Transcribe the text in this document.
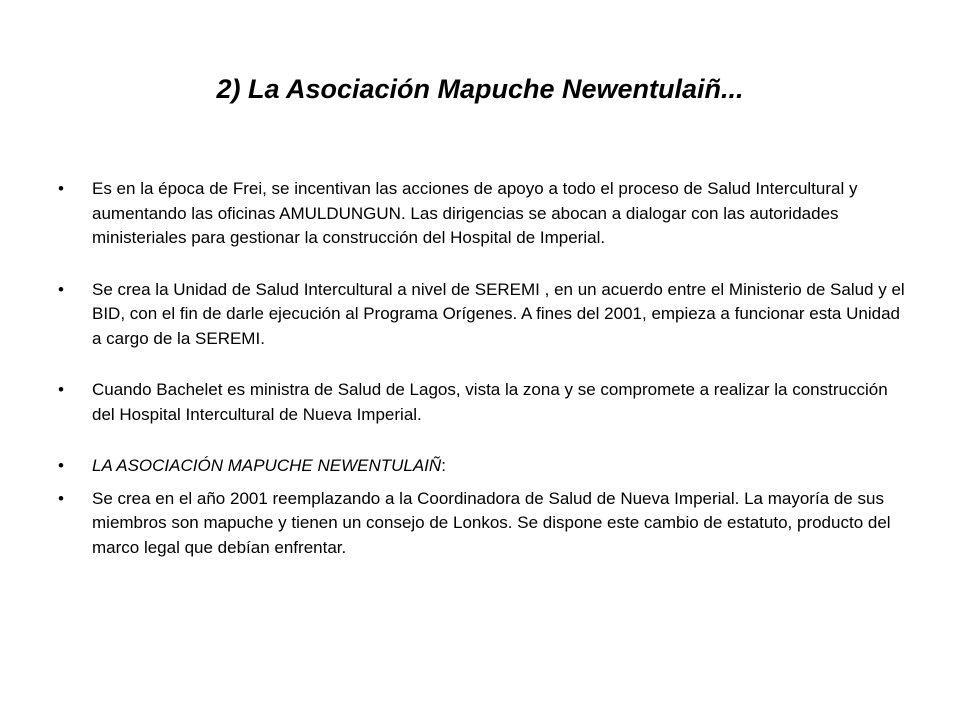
2) La Asociación Mapuche Newentulaiñ...
• Es en la época de Frei, se incentivan las acciones de apoyo a todo el proceso de Salud Intercultural y aumentando las oficinas AMULDUNGUN. Las dirigencias se abocan a dialogar con las autoridades ministeriales para gestionar la construcción del Hospital de Imperial.
• Se crea la Unidad de Salud Intercultural a nivel de SEREMI , en un acuerdo entre el Ministerio de Salud y el BID, con el fin de darle ejecución al Programa Orígenes. A fines del 2001, empieza a funcionar esta Unidad a cargo de la SEREMI.
• Cuando Bachelet es ministra de Salud de Lagos, vista la zona y se compromete a realizar la construcción del Hospital Intercultural de Nueva Imperial.
• LA ASOCIACIÓN MAPUCHE NEWENTULAIÑ:
• Se crea en el año 2001 reemplazando a la Coordinadora de Salud de Nueva Imperial. La mayoría de sus miembros son mapuche y tienen un consejo de Lonkos. Se dispone este cambio de estatuto, producto del marco legal que debían enfrentar.
